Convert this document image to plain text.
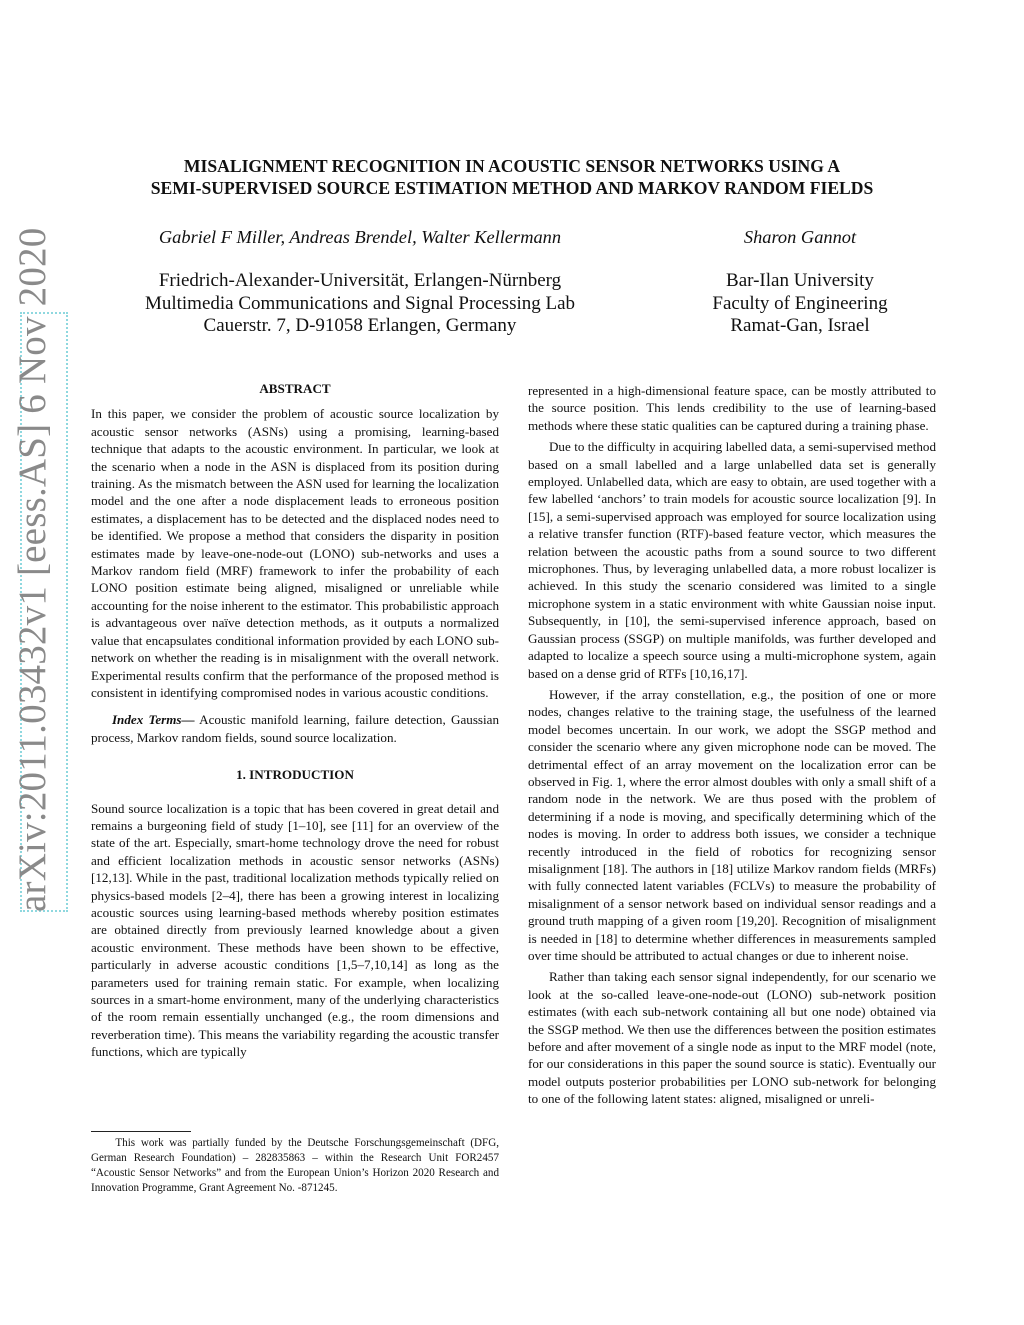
arXiv:2011.03432v1 [eess.AS] 6 Nov 2020
MISALIGNMENT RECOGNITION IN ACOUSTIC SENSOR NETWORKS USING A
SEMI-SUPERVISED SOURCE ESTIMATION METHOD AND MARKOV RANDOM FIELDS
Gabriel F Miller, Andreas Brendel, Walter Kellermann	Sharon Gannot
Friedrich-Alexander-Universität, Erlangen-Nürnberg
Multimedia Communications and Signal Processing Lab
Cauerstr. 7, D-91058 Erlangen, Germany
Bar-Ilan University
Faculty of Engineering
Ramat-Gan, Israel
ABSTRACT

In this paper, we consider the problem of acoustic source localization by acoustic sensor networks (ASNs) using a promising, learning-based technique that adapts to the acoustic environment. In particular, we look at the scenario when a node in the ASN is displaced from its position during training. As the mismatch between the ASN used for learning the localization model and the one after a node displacement leads to erroneous position estimates, a displacement has to be detected and the displaced nodes need to be identified. We propose a method that considers the disparity in position estimates made by leave-one-node-out (LONO) sub-networks and uses a Markov random field (MRF) framework to infer the probability of each LONO position estimate being aligned, misaligned or unreliable while accounting for the noise inherent to the estimator. This probabilistic approach is advantageous over naïve detection methods, as it outputs a normalized value that encapsulates conditional information provided by each LONO sub-network on whether the reading is in misalignment with the overall network. Experimental results confirm that the performance of the proposed method is consistent in identifying compromised nodes in various acoustic conditions.

Index Terms— Acoustic manifold learning, failure detection, Gaussian process, Markov random fields, sound source localization.

1. INTRODUCTION

Sound source localization is a topic that has been covered in great detail and remains a burgeoning field of study [1–10], see [11] for an overview of the state of the art. Especially, smart-home technology drove the need for robust and efficient localization methods in acoustic sensor networks (ASNs) [12,13]. While in the past, traditional localization methods typically relied on physics-based models [2–4], there has been a growing interest in localizing acoustic sources using learning-based methods whereby position estimates are obtained directly from previously learned knowledge about a given acoustic environment. These methods have been shown to be effective, particularly in adverse acoustic conditions [1,5–7,10,14] as long as the parameters used for training remain static. For example, when localizing sources in a smart-home environment, many of the underlying characteristics of the room remain essentially unchanged (e.g., the room dimensions and reverberation time). This means the variability regarding the acoustic transfer functions, which are typically

represented in a high-dimensional feature space, can be mostly attributed to the source position. This lends credibility to the use of learning-based methods where these static qualities can be captured during a training phase.

Due to the difficulty in acquiring labelled data, a semi-supervised method based on a small labelled and a large unlabelled data set is generally employed. Unlabelled data, which are easy to obtain, are used together with a few labelled ‘anchors’ to train models for acoustic source localization [9]. In [15], a semi-supervised approach was employed for source localization using a relative transfer function (RTF)-based feature vector, which measures the relation between the acoustic paths from a sound source to two different microphones. Thus, by leveraging unlabelled data, a more robust localizer is achieved. In this study the scenario considered was limited to a single microphone system in a static environment with white Gaussian noise input. Subsequently, in [10], the semi-supervised inference approach, based on Gaussian process (SSGP) on multiple manifolds, was further developed and adapted to localize a speech source using a multi-microphone system, again based on a dense grid of RTFs [10,16,17].

However, if the array constellation, e.g., the position of one or more nodes, changes relative to the training stage, the usefulness of the learned model becomes uncertain. In our work, we adopt the SSGP method and consider the scenario where any given microphone node can be moved. The detrimental effect of an array movement on the localization error can be observed in Fig. 1, where the error almost doubles with only a small shift of a random node in the network. We are thus posed with the problem of determining if a node is moving, and specifically determining which of the nodes is moving. In order to address both issues, we consider a technique recently introduced in the field of robotics for recognizing sensor misalignment [18]. The authors in [18] utilize Markov random fields (MRFs) with fully connected latent variables (FCLVs) to measure the probability of misalignment of a sensor network based on individual sensor readings and a ground truth mapping of a given room [19,20]. Recognition of misalignment is needed in [18] to determine whether differences in measurements sampled over time should be attributed to actual changes or due to inherent noise.

Rather than taking each sensor signal independently, for our scenario we look at the so-called leave-one-node-out (LONO) sub-network position estimates (with each sub-network containing all but one node) obtained via the SSGP method. We then use the differences between the position estimates before and after movement of a single node as input to the MRF model (note, for our considerations in this paper the sound source is static). Eventually our model outputs posterior probabilities per LONO sub-network for belonging to one of the following latent states: aligned, misaligned or unreli-

This work was partially funded by the Deutsche Forschungsgemeinschaft (DFG, German Research Foundation) – 282835863 – within the Research Unit FOR2457 “Acoustic Sensor Networks” and from the European Union’s Horizon 2020 Research and Innovation Programme, Grant Agreement No. -871245.
